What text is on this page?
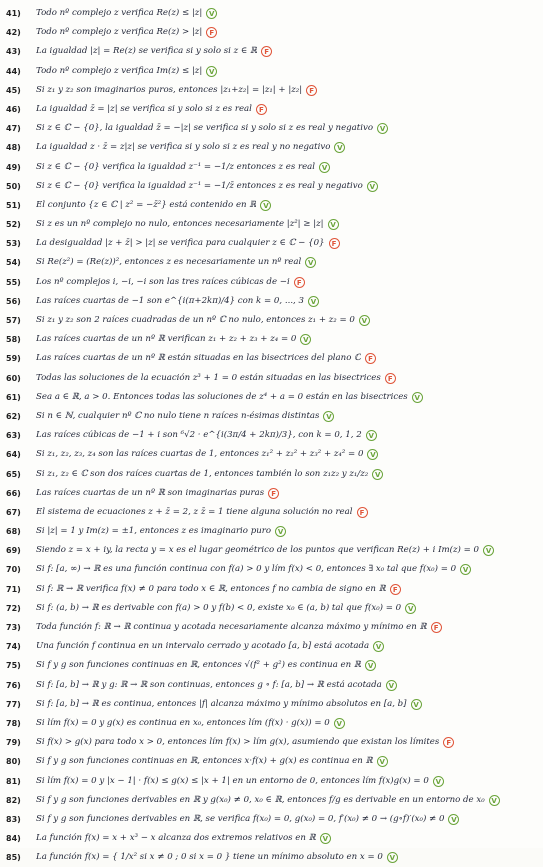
41) Todo nº complejo z verifica Re(z) ≤ |z| V
42) Todo nº complejo z verifica Re(z) > |z| F
43) La igualdad |z| = Re(z) se verifica si y solo si z ∈ ℝ F
44) Todo nº complejo z verifica Im(z) ≤ |z| V
45) Si z₁ y z₂ son imaginarios puros, entonces |z₁+z₂| = |z₁| + |z₂| F
46) La igualdad z̄ = |z| se verifica si y solo si z es real F
47) Si z ∈ ℂ − {0}, la igualdad z̄ = −|z| se verifica si y solo si z es real y negativo V
48) La igualdad z · z̄ = z|z| se verifica si y solo si z es real y no negativo V
49) Si z ∈ ℂ − {0} verifica la igualdad z⁻¹ = −1/z entonces z es real V
50) Si z ∈ ℂ − {0} verifica la igualdad z⁻¹ = −1/z̄ entonces z es real y negativo V
51) El conjunto {z ∈ ℂ | z² = −z̄²} está contenido en ℝ V
52) Si z es un nº complejo no nulo, entonces necesariamente |z²| ≥ |z| V
53) La desigualdad |z + z̄| > |z| se verifica para cualquier z ∈ ℂ − {0} F
54) Si Re(z²) = (Re(z))², entonces z es necesariamente un nº real V
55) Los nº complejos i, −i, −i son las tres raíces cúbicas de −i F
56) Las raíces cuartas de −1 son e^{i(π+2kπ)/4} con k = 0, ..., 3 V
57) Si z₁ y z₂ son 2 raíces cuadradas de un nº ℂ no nulo, entonces z₁ + z₂ = 0 V
58) Las raíces cuartas de un nº ℝ verifican z₁ + z₂ + z₃ + z₄ = 0 V
59) Las raíces cuartas de un nº ℝ están situadas en las bisectrices del plano ℂ F
60) Todas las soluciones de la ecuación z³ + 1 = 0 están situadas en las bisectrices F
61) Sea a ∈ ℝ, a > 0. Entonces todas las soluciones de z⁴ + a = 0 están en las bisectrices V
62) Si n ∈ ℕ, cualquier nº ℂ no nulo tiene n raíces n-ésimas distintas V
63) Las raíces cúbicas de −1 + i son ⁶√2 · e^{i(3π/4 + 2kπ)/3}, con k = 0, 1, 2 V
64) Si z₁, z₂, z₃, z₄ son las raíces cuartas de 1, entonces z₁² + z₂² + z₃² + z₄² = 0 V
65) Si z₁, z₂ ∈ ℂ son dos raíces cuartas de 1, entonces también lo son z₁z₂ y z₁/z₂ V
66) Las raíces cuartas de un nº ℝ son imaginarias puras F
67) El sistema de ecuaciones z + z̄ = 2, z z̄ = 1 tiene alguna solución no real F
68) Si |z| = 1 y Im(z) = ±1, entonces z es imaginario puro V
69) Siendo z = x + iy, la recta y = x es el lugar geométrico de los puntos que verifican Re(z) + i Im(z) = 0 V
70) Si f: [a, ∞) → ℝ es una función continua con f(a) > 0 y lím f(x) < 0, entonces ∃ x₀ tal que f(x₀) = 0 V
71) Si f: ℝ → ℝ verifica f(x) ≠ 0 para todo x ∈ ℝ, entonces f no cambia de signo en ℝ F
72) Si f: (a, b) → ℝ es derivable con f(a) > 0 y f(b) < 0, existe x₀ ∈ (a, b) tal que f(x₀) = 0 V
73) Toda función f: ℝ → ℝ continua y acotada necesariamente alcanza máximo y mínimo en ℝ F
74) Una función f continua en un intervalo cerrado y acotado [a, b] está acotada V
75) Si f y g son funciones continuas en ℝ, entonces √(f² + g²) es continua en ℝ V
76) Si f: [a, b] → ℝ y g: ℝ → ℝ son continuas, entonces g ∘ f: [a, b] → ℝ está acotada V
77) Si f: [a, b] → ℝ es continua, entonces |f| alcanza máximo y mínimo absolutos en [a, b] V
78) Si lím f(x) = 0 y g(x) es continua en x₀, entonces lím (f(x) · g(x)) = 0 V
79) Si f(x) > g(x) para todo x > 0, entonces lím f(x) > lím g(x), asumiendo que existan los límites F
80) Si f y g son funciones continuas en ℝ, entonces x·f(x) + g(x) es continua en ℝ V
81) Si lím f(x) = 0 y |x − 1| · f(x) ≤ g(x) ≤ |x + 1| en un entorno de 0, entonces lím f(x)g(x) = 0 V
82) Si f y g son funciones derivables en ℝ y g(x₀) ≠ 0, x₀ ∈ ℝ, entonces f/g es derivable en un entorno de x₀ V
83) Si f y g son funciones derivables en ℝ, se verifica f(x₀) = 0, g(x₀) = 0, f′(x₀) ≠ 0 → (g∘f)′(x₀) ≠ 0 V
84) La función f(x) = x + x³ − x alcanza dos extremos relativos en ℝ V
85) La función f(x) = { 1/x² si x ≠ 0 ; 0 si x = 0 } tiene un mínimo absoluto en x = 0 V
